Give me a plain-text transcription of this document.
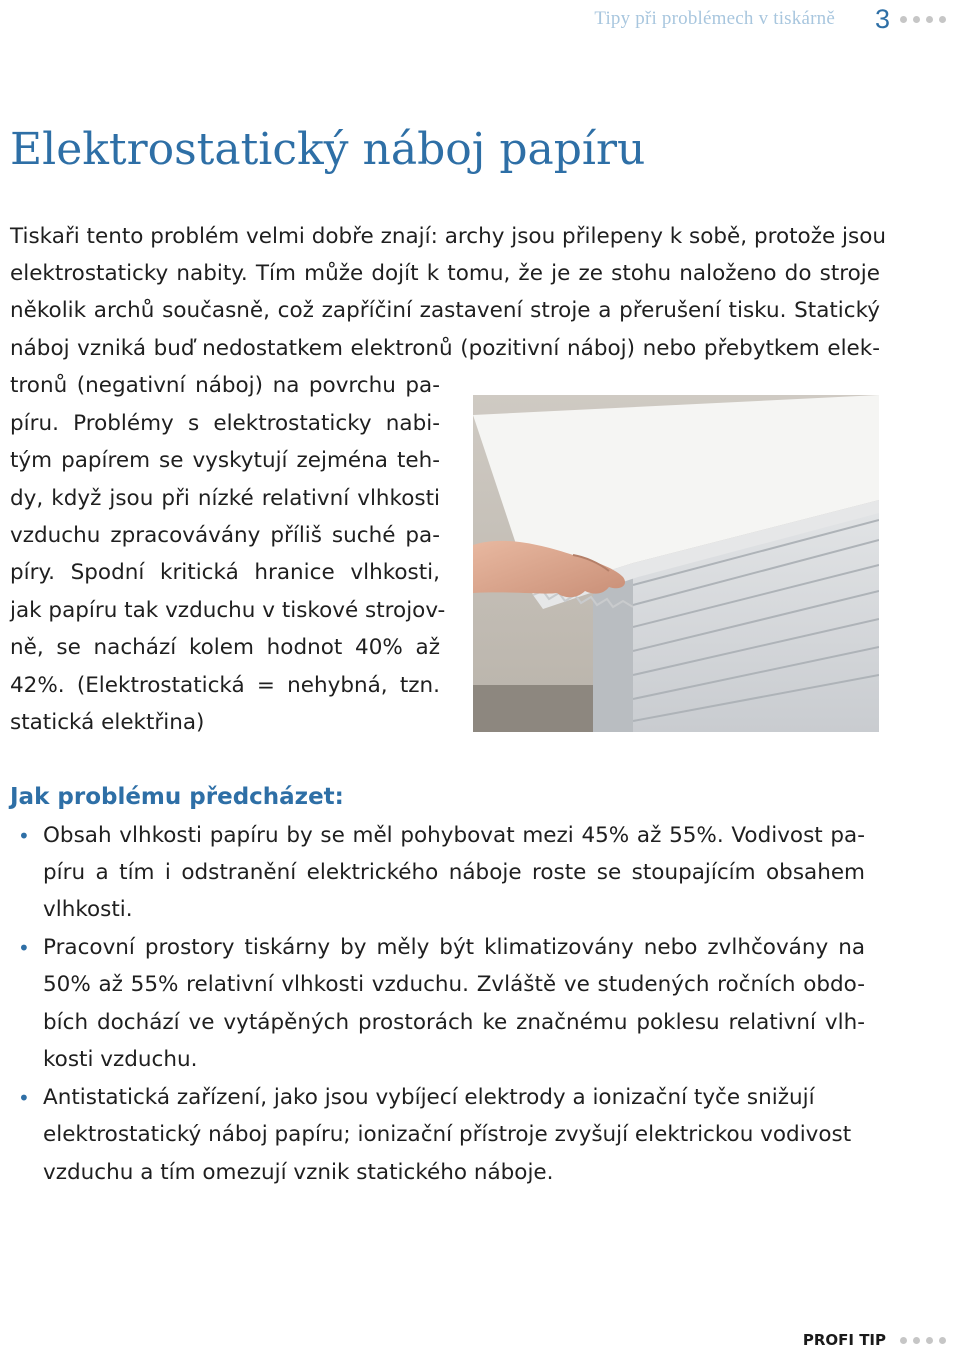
Tipy při problémech v tiskárně 3
Elektrostatický náboj papíru

Tiskaři tento problém velmi dobře znají: archy jsou přilepeny k sobě, protože jsou

elektrostaticky nabity. Tím může dojít k tomu, že je ze stohu naloženo do stroje

několik archů současně, což zapříčiní zastavení stroje a přerušení tisku. Statický

náboj vzniká buď nedostatkem elektronů (pozitivní náboj) nebo přebytkem elek-

tronů (negativní náboj) na povrchu pa-

píru. Problémy s elektrostaticky nabi-

tým papírem se vyskytují zejména teh-

dy, když jsou při nízké relativní vlhkosti

vzduchu zpracovávány příliš suché pa-

píry. Spodní kritická hranice vlhkosti,

jak papíru tak vzduchu v tiskové strojov-

ně, se nachází kolem hodnot 40% až

42%. (Elektrostatická = nehybná, tzn.

statická elektřina)

Jak problému předcházet:
• Obsah vlhkosti papíru by se měl pohybovat mezi 45% až 55%. Vodivost pa-

píru a tím i odstranění elektrického náboje roste se stoupajícím obsahem

vlhkosti.

• Pracovní prostory tiskárny by měly být klimatizovány nebo zvlhčovány na

50% až 55% relativní vlhkosti vzduchu. Zvláště ve studených ročních obdo-

bích dochází ve vytápěných prostorách ke značnému poklesu relativní vlh-

kosti vzduchu.

• Antistatická zařízení, jako jsou vybíjecí elektrody a ionizační tyče snižují

elektrostatický náboj papíru; ionizační přístroje zvyšují elektrickou vodivost

vzduchu a tím omezují vznik statického náboje.

PROFI TIP
